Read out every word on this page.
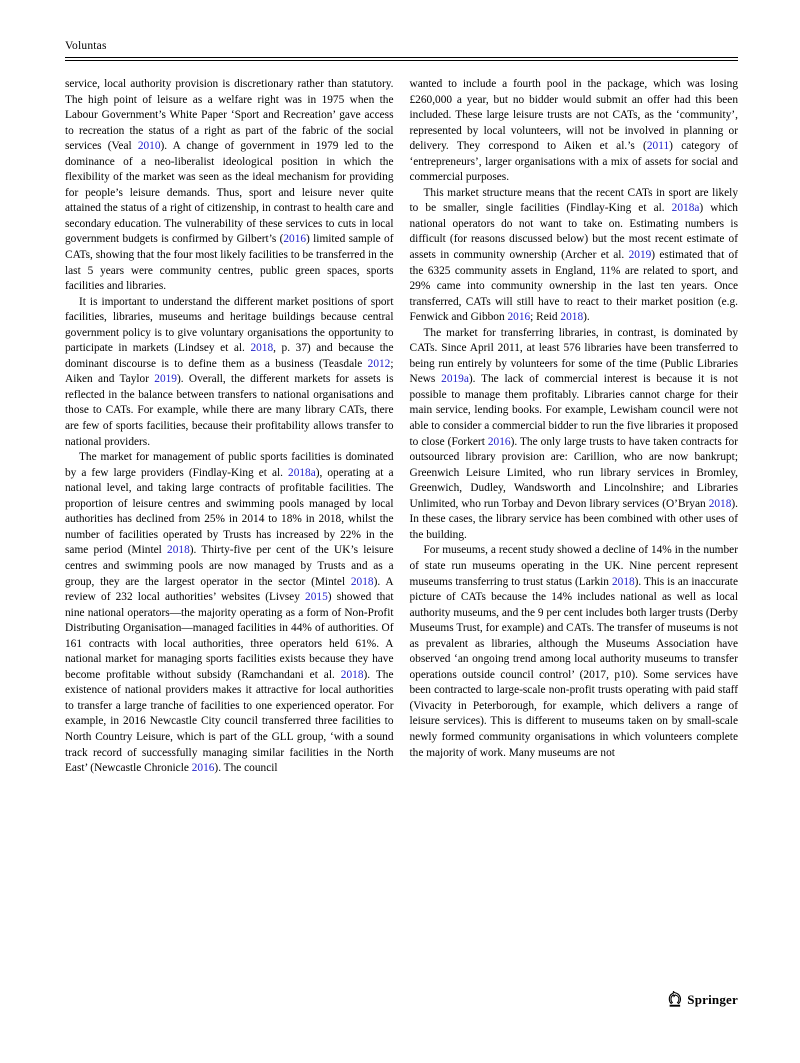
Voluntas

service, local authority provision is discretionary rather than statutory. The high point of leisure as a welfare right was in 1975 when the Labour Government’s White Paper ‘Sport and Recreation’ gave access to recreation the status of a right as part of the fabric of the social services (Veal 2010). A change of government in 1979 led to the dominance of a neo-liberalist ideological position in which the flexibility of the market was seen as the ideal mechanism for providing for people’s leisure demands. Thus, sport and leisure never quite attained the status of a right of citizenship, in contrast to health care and secondary education. The vulnerability of these services to cuts in local government budgets is confirmed by Gilbert’s (2016) limited sample of CATs, showing that the four most likely facilities to be transferred in the last 5 years were community centres, public green spaces, sports facilities and libraries.

It is important to understand the different market positions of sport facilities, libraries, museums and heritage buildings because central government policy is to give voluntary organisations the opportunity to participate in markets (Lindsey et al. 2018, p. 37) and because the dominant discourse is to define them as a business (Teasdale 2012; Aiken and Taylor 2019). Overall, the different markets for assets is reflected in the balance between transfers to national organisations and those to CATs. For example, while there are many library CATs, there are few of sports facilities, because their profitability allows transfer to national providers.

The market for management of public sports facilities is dominated by a few large providers (Findlay-King et al. 2018a), operating at a national level, and taking large contracts of profitable facilities. The proportion of leisure centres and swimming pools managed by local authorities has declined from 25% in 2014 to 18% in 2018, whilst the number of facilities operated by Trusts has increased by 22% in the same period (Mintel 2018). Thirty-five per cent of the UK’s leisure centres and swimming pools are now managed by Trusts and as a group, they are the largest operator in the sector (Mintel 2018). A review of 232 local authorities’ websites (Livsey 2015) showed that nine national operators—the majority operating as a form of Non-Profit Distributing Organisation—managed facilities in 44% of authorities. Of 161 contracts with local authorities, three operators held 61%. A national market for managing sports facilities exists because they have become profitable without subsidy (Ramchandani et al. 2018). The existence of national providers makes it attractive for local authorities to transfer a large tranche of facilities to one experienced operator. For example, in 2016 Newcastle City council transferred three facilities to North Country Leisure, which is part of the GLL group, ‘with a sound track record of successfully managing similar facilities in the North East’ (Newcastle Chronicle 2016). The council

wanted to include a fourth pool in the package, which was losing £260,000 a year, but no bidder would submit an offer had this been included. These large leisure trusts are not CATs, as the ‘community’, represented by local volunteers, will not be involved in planning or delivery. They correspond to Aiken et al.’s (2011) category of ‘entrepreneurs’, larger organisations with a mix of assets for social and commercial purposes.

This market structure means that the recent CATs in sport are likely to be smaller, single facilities (Findlay-King et al. 2018a) which national operators do not want to take on. Estimating numbers is difficult (for reasons discussed below) but the most recent estimate of assets in community ownership (Archer et al. 2019) estimated that of the 6325 community assets in England, 11% are related to sport, and 29% came into community ownership in the last ten years. Once transferred, CATs will still have to react to their market position (e.g. Fenwick and Gibbon 2016; Reid 2018).

The market for transferring libraries, in contrast, is dominated by CATs. Since April 2011, at least 576 libraries have been transferred to being run entirely by volunteers for some of the time (Public Libraries News 2019a). The lack of commercial interest is because it is not possible to manage them profitably. Libraries cannot charge for their main service, lending books. For example, Lewisham council were not able to consider a commercial bidder to run the five libraries it proposed to close (Forkert 2016). The only large trusts to have taken contracts for outsourced library provision are: Carillion, who are now bankrupt; Greenwich Leisure Limited, who run library services in Bromley, Greenwich, Dudley, Wandsworth and Lincolnshire; and Libraries Unlimited, who run Torbay and Devon library services (O’Bryan 2018). In these cases, the library service has been combined with other uses of the building.

For museums, a recent study showed a decline of 14% in the number of state run museums operating in the UK. Nine percent represent museums transferring to trust status (Larkin 2018). This is an inaccurate picture of CATs because the 14% includes national as well as local authority museums, and the 9 per cent includes both larger trusts (Derby Museums Trust, for example) and CATs. The transfer of museums is not as prevalent as libraries, although the Museums Association have observed ‘an ongoing trend among local authority museums to transfer operations outside council control’ (2017, p10). Some services have been contracted to large-scale non-profit trusts operating with paid staff (Vivacity in Peterborough, for example, which delivers a range of leisure services). This is different to museums taken on by small-scale newly formed community organisations in which volunteers complete the majority of work. Many museums are not

Springer
